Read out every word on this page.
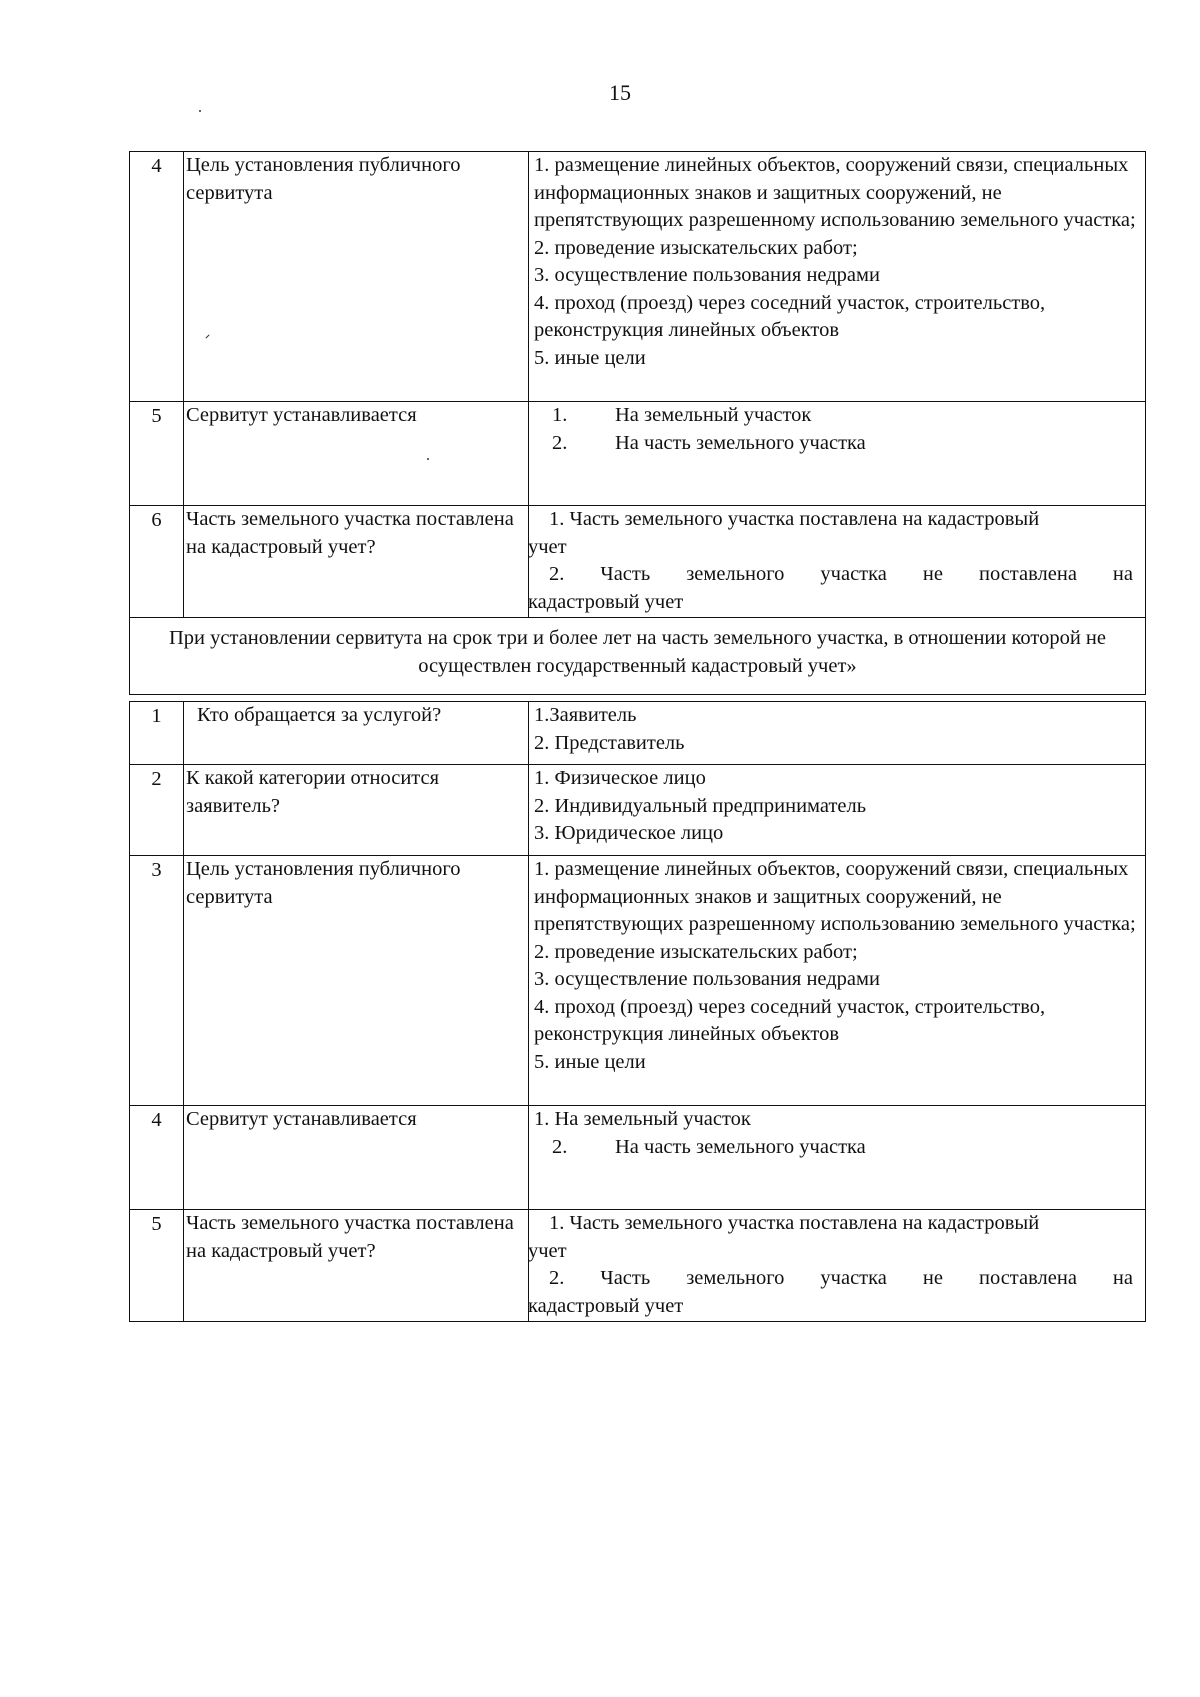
15
4	Цель установления публичного сервитута	1. размещение линейных объектов, сооружений связи, специальных информационных знаков и защитных сооружений, не препятствующих разрешенному использованию земельного участка;
2. проведение изыскательских работ;
3. осуществление пользования недрами
4. проход (проезд) через соседний участок, строительство, реконструкция линейных объектов
5. иные цели

5	Сервитут устанавливается	1. На земельный участок
2. На часть земельного участка

6	Часть земельного участка поставлена на кадастровый учет?	1. Часть земельного участка поставлена на кадастровый
учет
2. Часть земельного участка не поставлена на
кадастровый учет

При установлении сервитута на срок три и более лет на часть земельного участка, в отношении которой не осуществлен государственный кадастровый учет»		
1	Кто обращается за услугой?	1.Заявитель
2. Представитель

2	К какой категории относится заявитель?	1. Физическое лицо
2. Индивидуальный предприниматель
3. Юридическое лицо

3	Цель установления публичного сервитута	1. размещение линейных объектов, сооружений связи, специальных информационных знаков и защитных сооружений, не препятствующих разрешенному использованию земельного участка;
2. проведение изыскательских работ;
3. осуществление пользования недрами
4. проход (проезд) через соседний участок, строительство, реконструкция линейных объектов
5. иные цели

4	Сервитут устанавливается	1. На земельный участок
2. На часть земельного участка

5	Часть земельного участка поставлена на кадастровый учет?	1. Часть земельного участка поставлена на кадастровый
учет
2. Часть земельного участка не поставлена на
кадастровый учет
